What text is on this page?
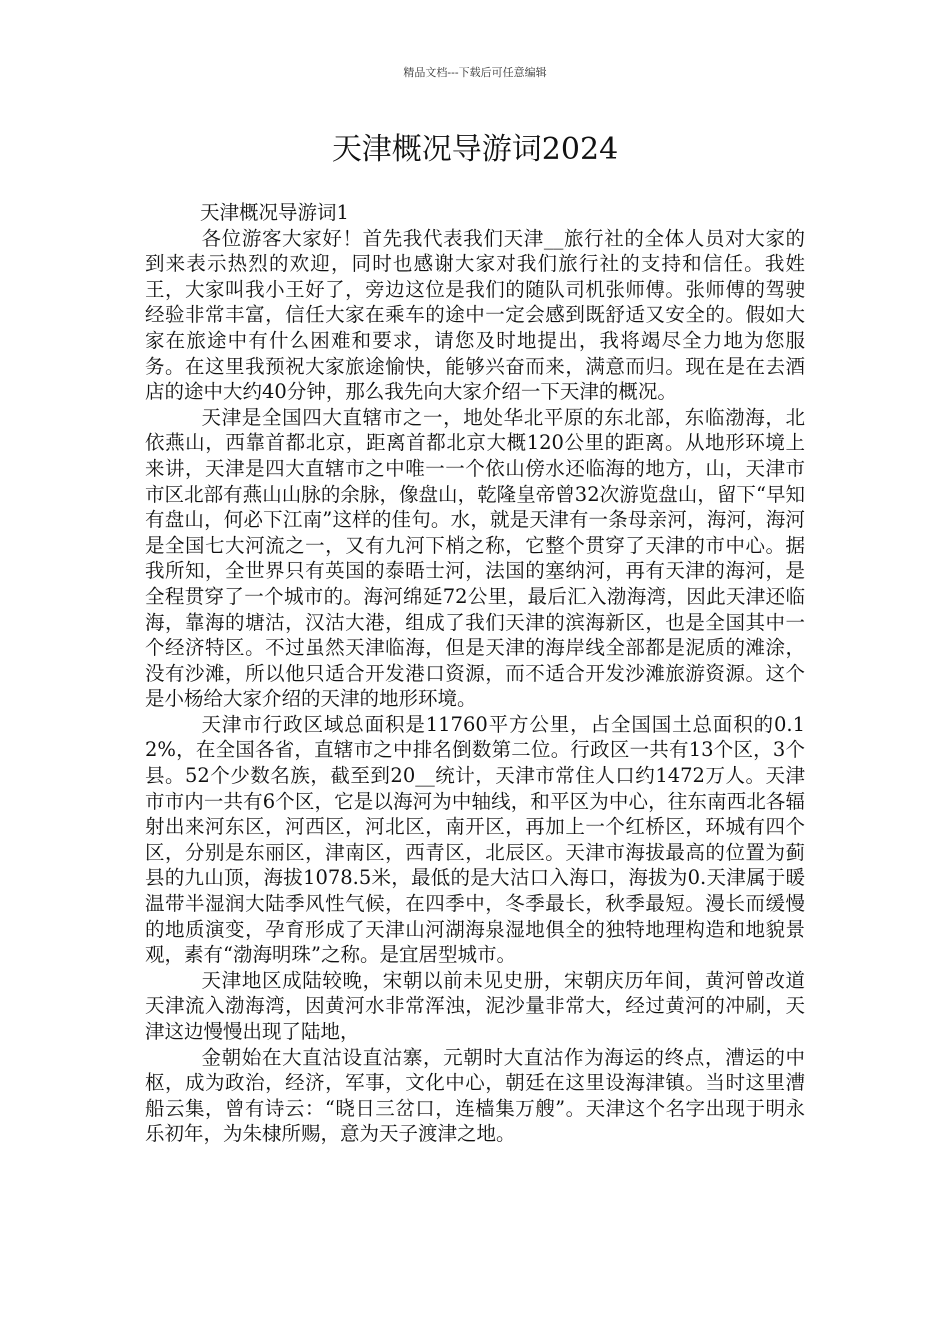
精品文档---下载后可任意编辑
天津概况导游词2024

天津概况导游词1

各位游客大家好！首先我代表我们天津__旅行社的全体人员对大家的到来表示热烈的欢迎，同时也感谢大家对我们旅行社的支持和信任。我姓王，大家叫我小王好了，旁边这位是我们的随队司机张师傅。张师傅的驾驶经验非常丰富，信任大家在乘车的途中一定会感到既舒适又安全的。假如大家在旅途中有什么困难和要求，请您及时地提出，我将竭尽全力地为您服务。在这里我预祝大家旅途愉快，能够兴奋而来，满意而归。现在是在去酒店的途中大约40分钟，那么我先向大家介绍一下天津的概况。

天津是全国四大直辖市之一，地处华北平原的东北部，东临渤海，北依燕山，西靠首都北京，距离首都北京大概120公里的距离。从地形环境上来讲，天津是四大直辖市之中唯一一个依山傍水还临海的地方，山，天津市市区北部有燕山山脉的余脉，像盘山，乾隆皇帝曾32次游览盘山，留下“早知有盘山，何必下江南”这样的佳句。水，就是天津有一条母亲河，海河，海河是全国七大河流之一，又有九河下梢之称，它整个贯穿了天津的市中心。据我所知，全世界只有英国的泰晤士河，法国的塞纳河，再有天津的海河，是全程贯穿了一个城市的。海河绵延72公里，最后汇入渤海湾，因此天津还临海，靠海的塘沽，汉沽大港，组成了我们天津的滨海新区，也是全国其中一个经济特区。不过虽然天津临海，但是天津的海岸线全部都是泥质的滩涂，没有沙滩，所以他只适合开发港口资源，而不适合开发沙滩旅游资源。这个是小杨给大家介绍的天津的地形环境。

天津市行政区域总面积是11760平方公里，占全国国土总面积的0.12%，在全国各省，直辖市之中排名倒数第二位。行政区一共有13个区，3个县。52个少数名族，截至到20__统计，天津市常住人口约1472万人。天津市市内一共有6个区，它是以海河为中轴线，和平区为中心，往东南西北各辐射出来河东区，河西区，河北区，南开区，再加上一个红桥区，环城有四个区，分别是东丽区，津南区，西青区，北辰区。天津市海拔最高的位置为蓟县的九山顶，海拔1078.5米，最低的是大沽口入海口，海拔为0.天津属于暖温带半湿润大陆季风性气候，在四季中，冬季最长，秋季最短。漫长而缓慢的地质演变，孕育形成了天津山河湖海泉湿地俱全的独特地理构造和地貌景观，素有“渤海明珠”之称。是宜居型城市。

天津地区成陆较晚，宋朝以前未见史册，宋朝庆历年间，黄河曾改道天津流入渤海湾，因黄河水非常浑浊，泥沙量非常大，经过黄河的冲刷，天津这边慢慢出现了陆地，

金朝始在大直沽设直沽寨，元朝时大直沽作为海运的终点，漕运的中枢，成为政治，经济，军事，文化中心，朝廷在这里设海津镇。当时这里漕船云集，曾有诗云：“晓日三岔口，连樯集万艘”。天津这个名字出现于明永乐初年，为朱棣所赐，意为天子渡津之地。
